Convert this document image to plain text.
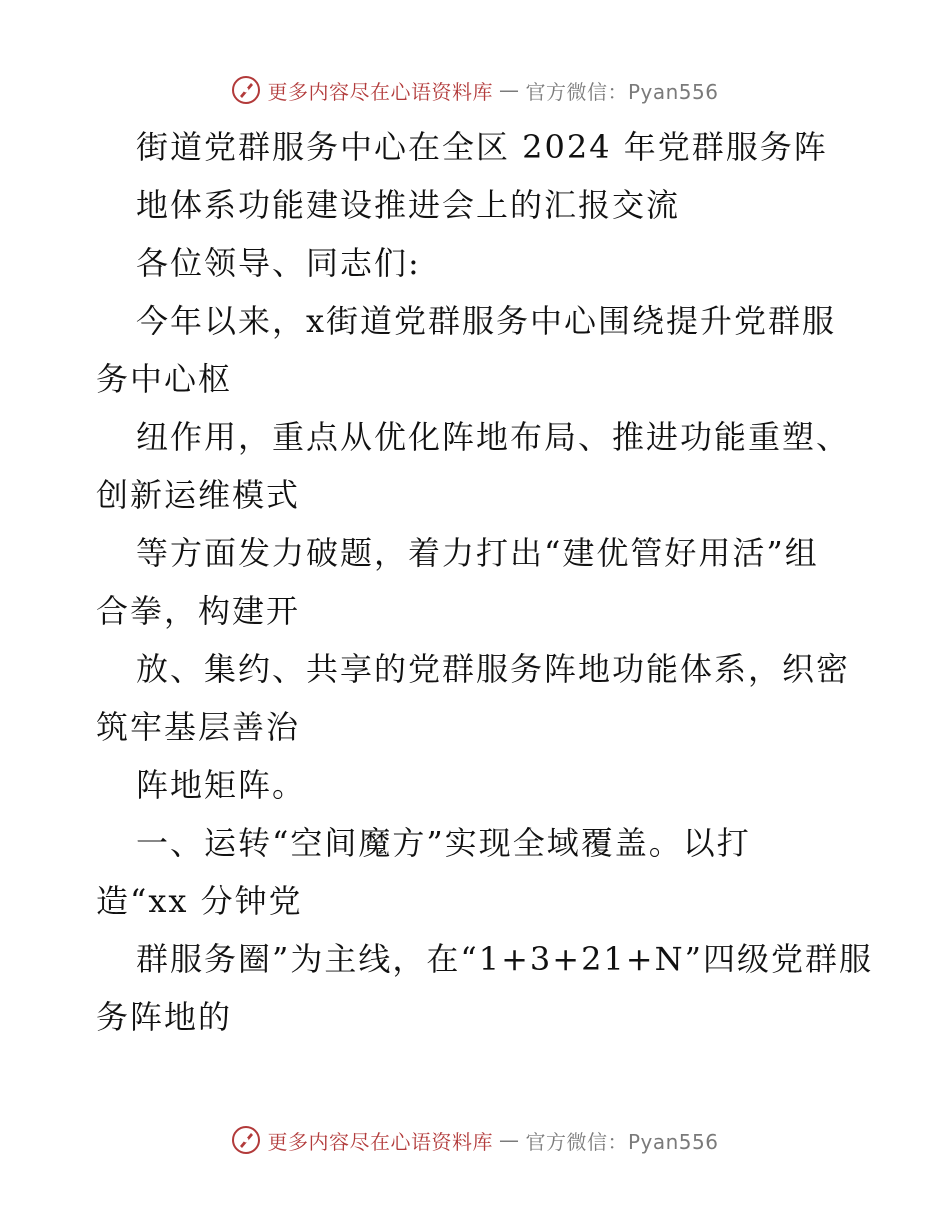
更多内容尽在心语资料库 — 官方微信：Pyan556
街道党群服务中心在全区 2024 年党群服务阵
地体系功能建设推进会上的汇报交流
各位领导、同志们:
今年以来，x街道党群服务中心围绕提升党群服
务中心枢
纽作用，重点从优化阵地布局、推进功能重塑、
创新运维模式
等方面发力破题，着力打出“建优管好用活”组
合拳，构建开
放、集约、共享的党群服务阵地功能体系，织密
筑牢基层善治
阵地矩阵。
一、运转“空间魔方”实现全域覆盖。以打
造“xx 分钟党
群服务圈”为主线，在“1+3+21+N”四级党群服
务阵地的
更多内容尽在心语资料库 — 官方微信：Pyan556
